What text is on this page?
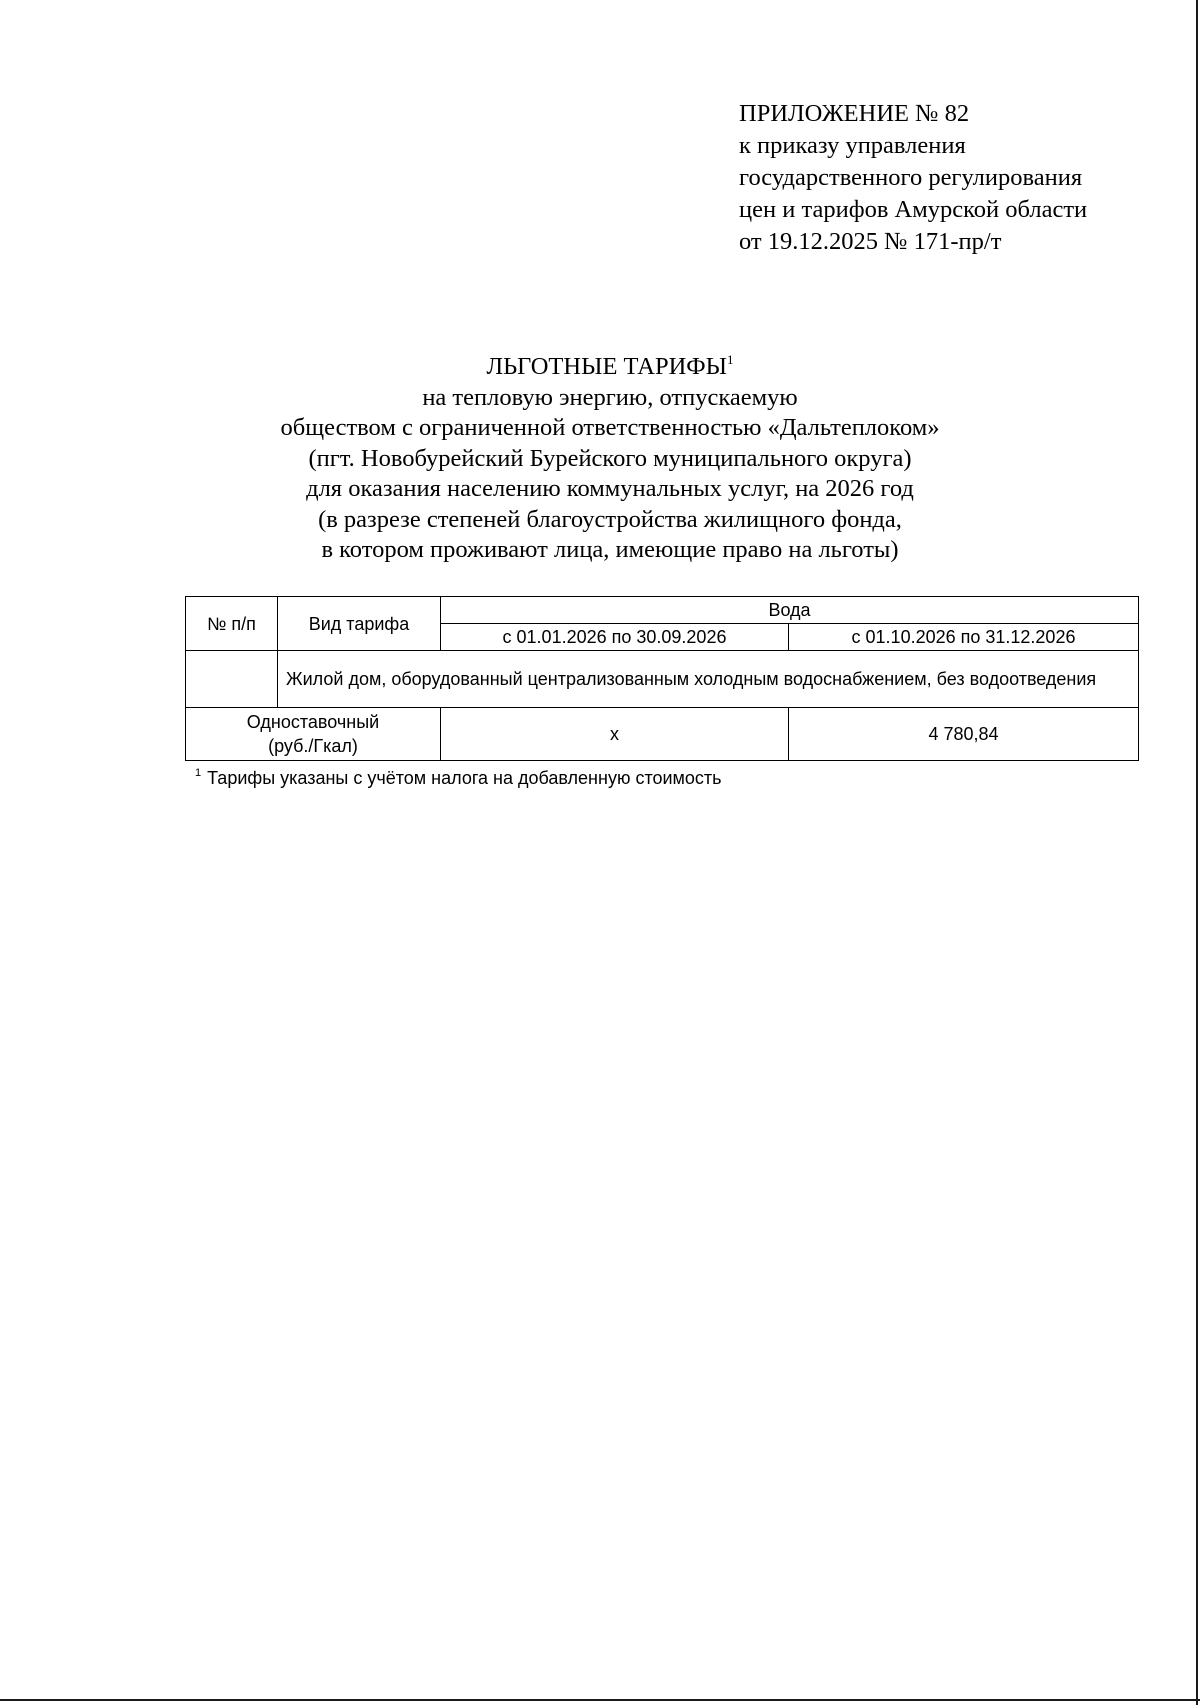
ПРИЛОЖЕНИЕ № 82
к приказу управления
государственного регулирования
цен и тарифов Амурской области
от 19.12.2025 № 171-пр/т
ЛЬГОТНЫЕ ТАРИФЫ$^1$
на тепловую энергию, отпускаемую
обществом с ограниченной ответственностью «Дальтеплоком»
(пгт. Новобурейский Бурейского муниципального округа)
для оказания населению коммунальных услуг, на 2026 год
(в разрезе степеней благоустройства жилищного фонда,
в котором проживают лица, имеющие право на льготы)
№ п/п	Вид тарифа	Вода	
		с 01.01.2026 по 30.09.2026	с 01.10.2026 по 31.12.2026
	Жилой дом, оборудованный централизованным холодным водоснабжением, без водоотведения		

Одноставочный
(руб./Гкал)		х	4 780,84
$^1$ Тарифы указаны с учётом налога на добавленную стоимость
